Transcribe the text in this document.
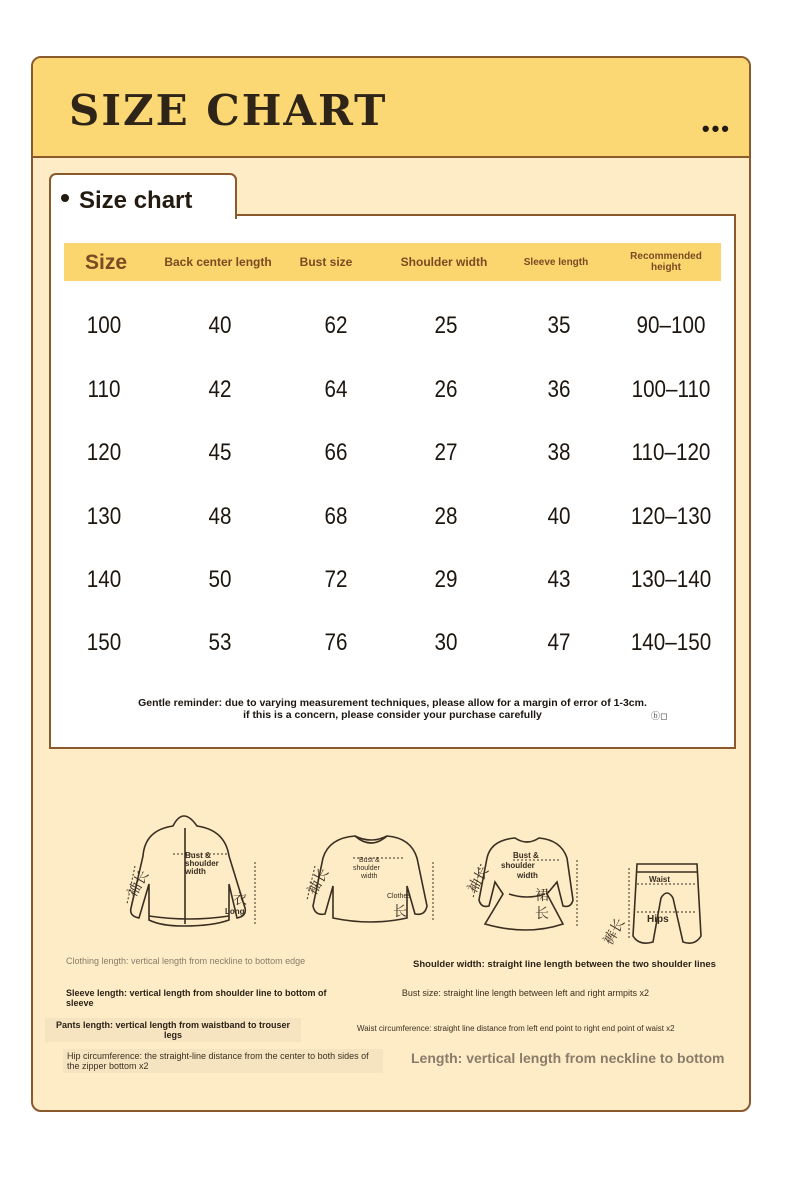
SIZE CHART	•••
Size chart
Size	Back center length	Bust size	Shoulder width	Sleeve length	Recommended height
100	40	62	25	35	90–100
110	42	64	26	36	100–110
120	45	66	27	38	110–120
130	48	68	28	40	120–130
140	50	72	29	43	130–140
150	53	76	30	47	140–150
Gentle reminder: due to varying measurement techniques, please allow for a margin of error of 1-3cm.
if this is a concern, please consider your purchase carefully	ⓑ◻
Bust &
shoulder
width
袖长	衣
Long
Bust &
shoulder
width
袖长	Clothes
长
Bust &
shoulder
width
袖长	裙
长
Waist
Hips
裤长
Clothing length: vertical length from neckline to bottom edge	Shoulder width: straight line length between the two shoulder lines
Sleeve length: vertical length from shoulder line to bottom of sleeve
Bust size: straight line length between left and right armpits x2
Pants length: vertical length from waistband to trouser legs
Waist circumference: straight line distance from left end point to right end point of waist x2
Hip circumference: the straight-line distance from the center to both sides of the zipper bottom x2	Length: vertical length from neckline to bottom
